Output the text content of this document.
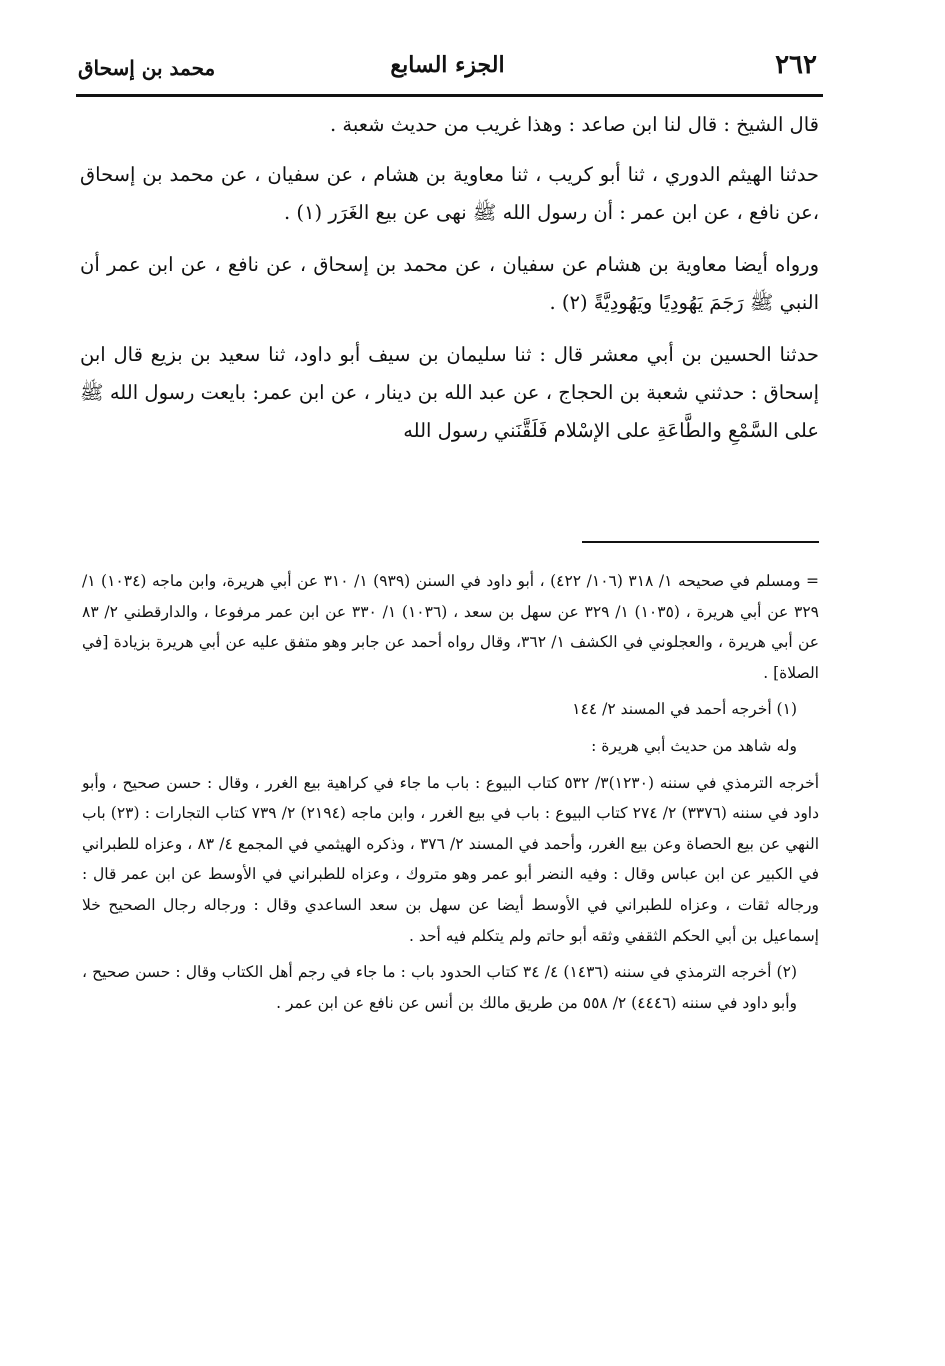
٢٦٢
الجزء السابع
محمد بن إسحاق

قال الشيخ : قال لنا ابن صاعد : وهذا غريب من حديث شعبة .

حدثنا الهيثم الدوري ، ثنا أبو كريب ، ثنا معاوية بن هشام ، عن سفيان ، عن محمد بن إسحاق ،عن نافع ، عن ابن عمر : أن رسول الله ﷺ نهى عن بيع الغَرَر (١) .

ورواه أيضا معاوية بن هشام عن سفيان ، عن محمد بن إسحاق ، عن نافع ، عن ابن عمر أن النبي ﷺ رَجَمَ يَهُودِيًا ويَهُودِيَّةً (٢) .

حدثنا الحسين بن أبي معشر قال : ثنا سليمان بن سيف أبو داود، ثنا سعيد بن بزيع قال ابن إسحاق : حدثني شعبة بن الحجاج ، عن عبد الله بن دينار ، عن ابن عمر: بايعت رسول الله ﷺ على السَّمْعِ والطَّاعَةِ على الإسْلام فَلَقَّنَني رسول الله

= ومسلم في صحيحه ١/ ٣١٨ (١٠٦/ ٤٢٢) ، أبو داود في السنن (٩٣٩) ١/ ٣١٠ عن أبي هريرة، وابن ماجه (١٠٣٤) ١/ ٣٢٩ عن أبي هريرة ، (١٠٣٥) ١/ ٣٢٩ عن سهل بن سعد ، (١٠٣٦) ١/ ٣٣٠ عن ابن عمر مرفوعا ، والدارقطني ٢/ ٨٣ عن أبي هريرة ، والعجلوني في الكشف ١/ ٣٦٢، وقال رواه أحمد عن جابر وهو متفق عليه عن أبي هريرة بزيادة [في الصلاة] .

(١) أخرجه أحمد في المسند ٢/ ١٤٤

وله شاهد من حديث أبي هريرة :

أخرجه الترمذي في سننه (١٢٣٠)٣/ ٥٣٢ كتاب البيوع : باب ما جاء في كراهية بيع الغرر ، وقال : حسن صحيح ، وأبو داود في سننه (٣٣٧٦) ٢/ ٢٧٤ كتاب البيوع : باب في بيع الغرر ، وابن ماجه (٢١٩٤) ٢/ ٧٣٩ كتاب التجارات : (٢٣) باب النهي عن بيع الحصاة وعن بيع الغرر، وأحمد في المسند ٢/ ٣٧٦ ، وذكره الهيثمي في المجمع ٤/ ٨٣ ، وعزاه للطبراني في الكبير عن ابن عباس وقال : وفيه النضر أبو عمر وهو متروك ، وعزاه للطبراني في الأوسط عن ابن عمر قال : ورجاله ثقات ، وعزاه للطبراني في الأوسط أيضا عن سهل بن سعد الساعدي وقال : ورجاله رجال الصحيح خلا إسماعيل بن أبي الحكم الثقفي وثقه أبو حاتم ولم يتكلم فيه أحد .

(٢) أخرجه الترمذي في سننه (١٤٣٦) ٤/ ٣٤ كتاب الحدود باب : ما جاء في رجم أهل الكتاب وقال : حسن صحيح ، وأبو داود في سننه (٤٤٤٦) ٢/ ٥٥٨ من طريق مالك بن أنس عن نافع عن ابن عمر .
